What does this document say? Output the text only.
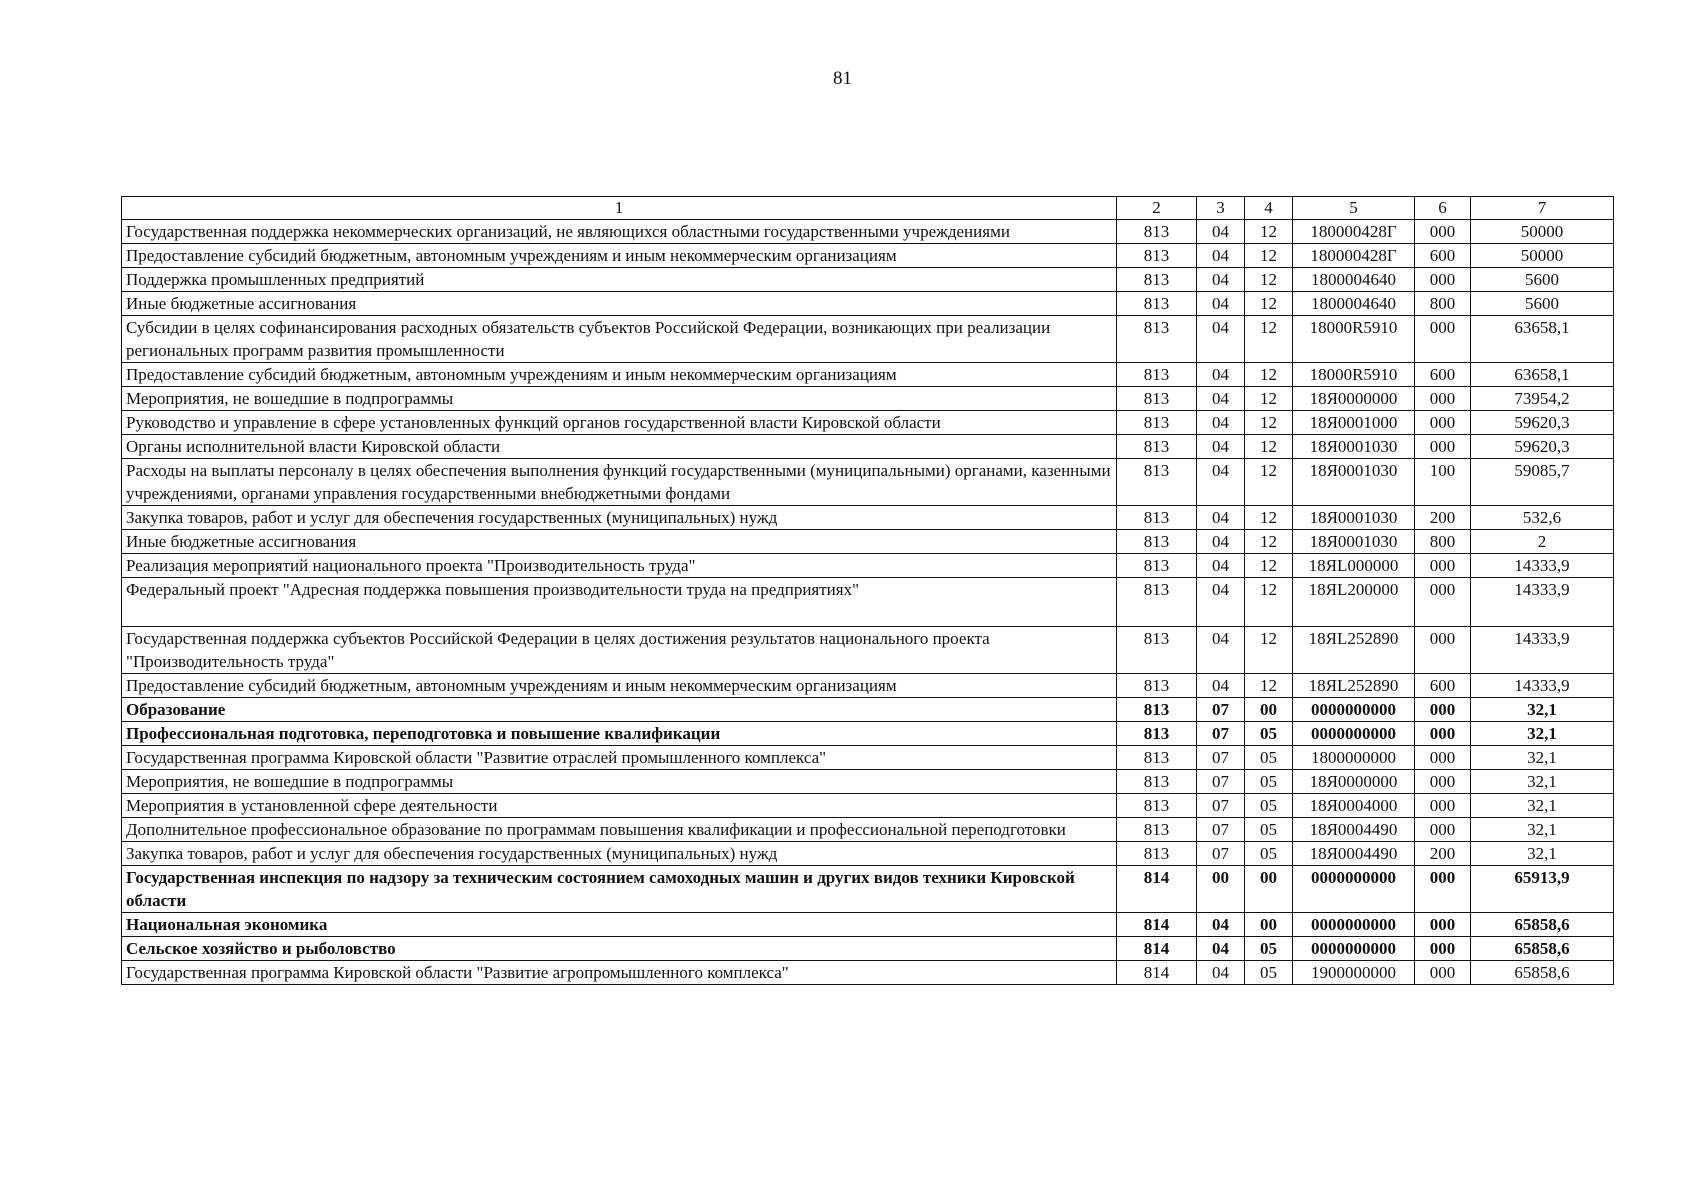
81
1	2	3	4	5	6	7
Государственная поддержка некоммерческих организаций, не являющихся областными государственными учреждениями	813	04	12	180000428Г	000	50000
Предоставление субсидий бюджетным, автономным учреждениям и иным некоммерческим организациям	813	04	12	180000428Г	600	50000
Поддержка промышленных предприятий	813	04	12	1800004640	000	5600
Иные бюджетные ассигнования	813	04	12	1800004640	800	5600
Субсидии в целях софинансирования расходных обязательств субъектов Российской Федерации, возникающих при реализации региональных программ развития промышленности	813	04	12	18000R5910	000	63658,1
Предоставление субсидий бюджетным, автономным учреждениям и иным некоммерческим организациям	813	04	12	18000R5910	600	63658,1
Мероприятия, не вошедшие в подпрограммы	813	04	12	18Я0000000	000	73954,2
Руководство и управление в сфере установленных функций органов государственной власти Кировской области	813	04	12	18Я0001000	000	59620,3
Органы исполнительной власти Кировской области	813	04	12	18Я0001030	000	59620,3
Расходы на выплаты персоналу в целях обеспечения выполнения функций государственными (муниципальными) органами, казенными учреждениями, органами управления государственными внебюджетными фондами	813	04	12	18Я0001030	100	59085,7
Закупка товаров, работ и услуг для обеспечения государственных (муниципальных) нужд	813	04	12	18Я0001030	200	532,6
Иные бюджетные ассигнования	813	04	12	18Я0001030	800	2
Реализация мероприятий национального проекта "Производительность труда"	813	04	12	18ЯL000000	000	14333,9
Федеральный проект "Адресная поддержка повышения производительности труда на предприятиях"	813	04	12	18ЯL200000	000	14333,9
Государственная поддержка субъектов Российской Федерации в целях достижения результатов национального проекта "Производительность труда"	813	04	12	18ЯL252890	000	14333,9
Предоставление субсидий бюджетным, автономным учреждениям и иным некоммерческим организациям	813	04	12	18ЯL252890	600	14333,9
Образование	813	07	00	0000000000	000	32,1
Профессиональная подготовка, переподготовка и повышение квалификации	813	07	05	0000000000	000	32,1
Государственная программа Кировской области "Развитие отраслей промышленного комплекса"	813	07	05	1800000000	000	32,1
Мероприятия, не вошедшие в подпрограммы	813	07	05	18Я0000000	000	32,1
Мероприятия в установленной сфере деятельности	813	07	05	18Я0004000	000	32,1
Дополнительное профессиональное образование по программам повышения квалификации и профессиональной переподготовки	813	07	05	18Я0004490	000	32,1
Закупка товаров, работ и услуг для обеспечения государственных (муниципальных) нужд	813	07	05	18Я0004490	200	32,1
Государственная инспекция по надзору за техническим состоянием самоходных машин и других видов техники Кировской области	814	00	00	0000000000	000	65913,9
Национальная экономика	814	04	00	0000000000	000	65858,6
Сельское хозяйство и рыболовство	814	04	05	0000000000	000	65858,6
Государственная программа Кировской области "Развитие агропромышленного комплекса"	814	04	05	1900000000	000	65858,6
